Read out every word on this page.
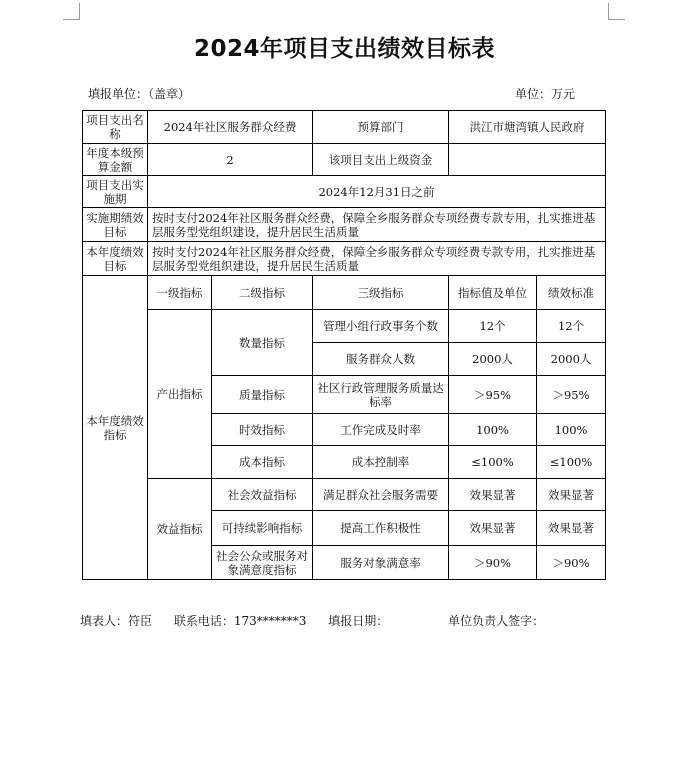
2024年项目支出绩效目标表
填报单位：（盖章）	单位：万元
项目支出名称	2024年社区服务群众经费		预算部门	洪江市塘湾镇人民政府	
年度本级预算金额	2		该项目支出上级资金		
项目支出实施期	2024年12月31日之前				
实施期绩效目标	按时支付2024年社区服务群众经费，保障全乡服务群众专项经费专款专用，扎实推进基层服务型党组织建设，提升居民生活质量				
本年度绩效目标	按时支付2024年社区服务群众经费，保障全乡服务群众专项经费专款专用，扎实推进基层服务型党组织建设，提升居民生活质量				
本年度绩效指标	一级指标	二级指标	三级指标	指标值及单位	绩效标准
	产出指标	数量指标	管理小组行政事务个数	12个	12个
			服务群众人数	2000人	2000人
		质量指标	社区行政管理服务质量达标率	＞95%	＞95%
		时效指标	工作完成及时率	100%	100%
		成本指标	成本控制率	≤100%	≤100%
	效益指标	社会效益指标	满足群众社会服务需要	效果显著	效果显著
		可持续影响指标	提高工作积极性	效果显著	效果显著
		社会公众或服务对象满意度指标	服务对象满意率	＞90%	＞90%
填表人：符臣 联系电话：173*******3 填报日期：	单位负责人签字：
